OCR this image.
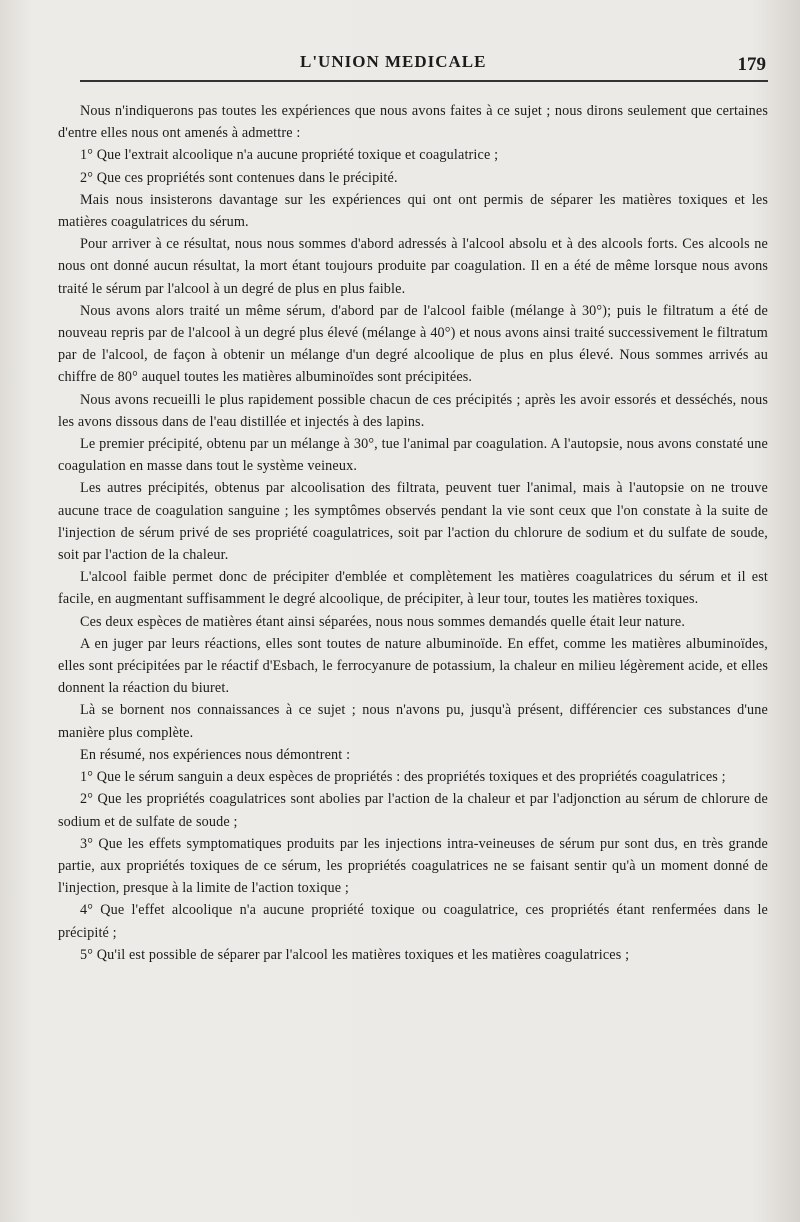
L'UNION MEDICALE	179

Nous n'indiquerons pas toutes les expériences que nous avons faites à ce sujet ; nous dirons seulement que certaines d'entre elles nous ont amenés à admettre :

1° Que l'extrait alcoolique n'a aucune propriété toxique et coagulatrice ;

2° Que ces propriétés sont contenues dans le précipité.

Mais nous insisterons davantage sur les expériences qui ont ont permis de séparer les matières toxiques et les matières coagulatrices du sérum.

Pour arriver à ce résultat, nous nous sommes d'abord adressés à l'alcool absolu et à des alcools forts. Ces alcools ne nous ont donné aucun résultat, la mort étant toujours produite par coagulation. Il en a été de même lorsque nous avons traité le sérum par l'alcool à un degré de plus en plus faible.

Nous avons alors traité un même sérum, d'abord par de l'alcool faible (mélange à 30°); puis le filtratum a été de nouveau repris par de l'alcool à un degré plus élevé (mélange à 40°) et nous avons ainsi traité successivement le filtratum par de l'alcool, de façon à obtenir un mélange d'un degré alcoolique de plus en plus élevé. Nous sommes arrivés au chiffre de 80° auquel toutes les matières albuminoïdes sont précipitées.

Nous avons recueilli le plus rapidement possible chacun de ces précipités ; après les avoir essorés et desséchés, nous les avons dissous dans de l'eau distillée et injectés à des lapins.

Le premier précipité, obtenu par un mélange à 30°, tue l'animal par coagulation. A l'autopsie, nous avons constaté une coagulation en masse dans tout le système veineux.

Les autres précipités, obtenus par alcoolisation des filtrata, peuvent tuer l'animal, mais à l'autopsie on ne trouve aucune trace de coagulation sanguine ; les symptômes observés pendant la vie sont ceux que l'on constate à la suite de l'injection de sérum privé de ses propriété coagulatrices, soit par l'action du chlorure de sodium et du sulfate de soude, soit par l'action de la chaleur.

L'alcool faible permet donc de précipiter d'emblée et complètement les matières coagulatrices du sérum et il est facile, en augmentant suffisamment le degré alcoolique, de précipiter, à leur tour, toutes les matières toxiques.

Ces deux espèces de matières étant ainsi séparées, nous nous sommes demandés quelle était leur nature.

A en juger par leurs réactions, elles sont toutes de nature albuminoïde. En effet, comme les matières albuminoïdes, elles sont précipitées par le réactif d'Esbach, le ferrocyanure de potassium, la chaleur en milieu légèrement acide, et elles donnent la réaction du biuret.

Là se bornent nos connaissances à ce sujet ; nous n'avons pu, jusqu'à présent, différencier ces substances d'une manière plus complète.

En résumé, nos expériences nous démontrent :

1° Que le sérum sanguin a deux espèces de propriétés : des propriétés toxiques et des propriétés coagulatrices ;

2° Que les propriétés coagulatrices sont abolies par l'action de la chaleur et par l'adjonction au sérum de chlorure de sodium et de sulfate de soude ;

3° Que les effets symptomatiques produits par les injections intra-veineuses de sérum pur sont dus, en très grande partie, aux propriétés toxiques de ce sérum, les propriétés coagulatrices ne se faisant sentir qu'à un moment donné de l'injection, presque à la limite de l'action toxique ;

4° Que l'effet alcoolique n'a aucune propriété toxique ou coagulatrice, ces propriétés étant renfermées dans le précipité ;

5° Qu'il est possible de séparer par l'alcool les matières toxiques et les matières coagulatrices ;
